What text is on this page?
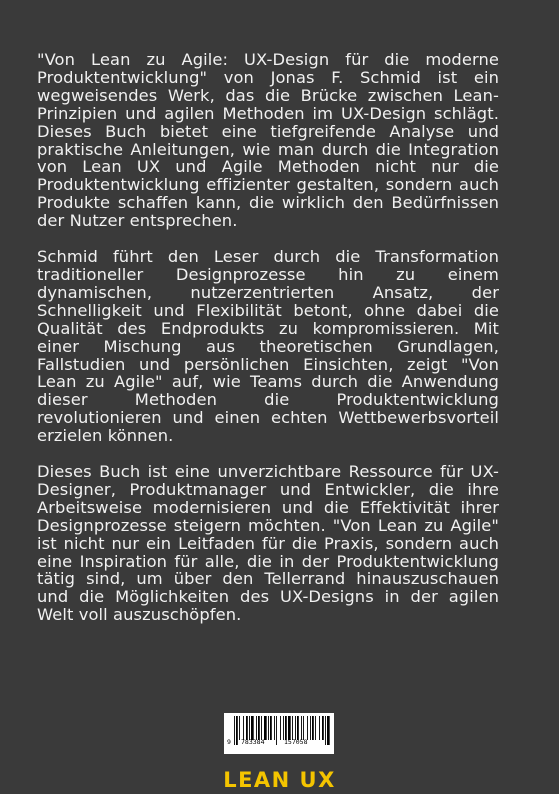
"Von Lean zu Agile: UX-Design für die moderne Produktentwicklung" von Jonas F. Schmid ist ein wegweisendes Werk, das die Brücke zwischen Lean-Prinzipien und agilen Methoden im UX-Design schlägt. Dieses Buch bietet eine tiefgreifende Analyse und praktische Anleitungen, wie man durch die Integration von Lean UX und Agile Methoden nicht nur die Produktentwicklung effizienter gestalten, sondern auch Produkte schaffen kann, die wirklich den Bedürfnissen der Nutzer entsprechen.

Schmid führt den Leser durch die Transformation traditioneller Designprozesse hin zu einem dynamischen, nutzerzentrierten Ansatz, der Schnelligkeit und Flexibilität betont, ohne dabei die Qualität des Endprodukts zu kompromissieren. Mit einer Mischung aus theoretischen Grundlagen, Fallstudien und persönlichen Einsichten, zeigt "Von Lean zu Agile" auf, wie Teams durch die Anwendung dieser Methoden die Produktentwicklung revolutionieren und einen echten Wettbewerbsvorteil erzielen können.

Dieses Buch ist eine unverzichtbare Ressource für UX-Designer, Produktmanager und Entwickler, die ihre Arbeitsweise modernisieren und die Effektivität ihrer Designprozesse steigern möchten. "Von Lean zu Agile" ist nicht nur ein Leitfaden für die Praxis, sondern auch eine Inspiration für alle, die in der Produktentwicklung tätig sind, um über den Tellerrand hinauszuschauen und die Möglichkeiten des UX-Designs in der agilen Welt voll auszuschöpfen.

9 783384	157058
LEAN UX
